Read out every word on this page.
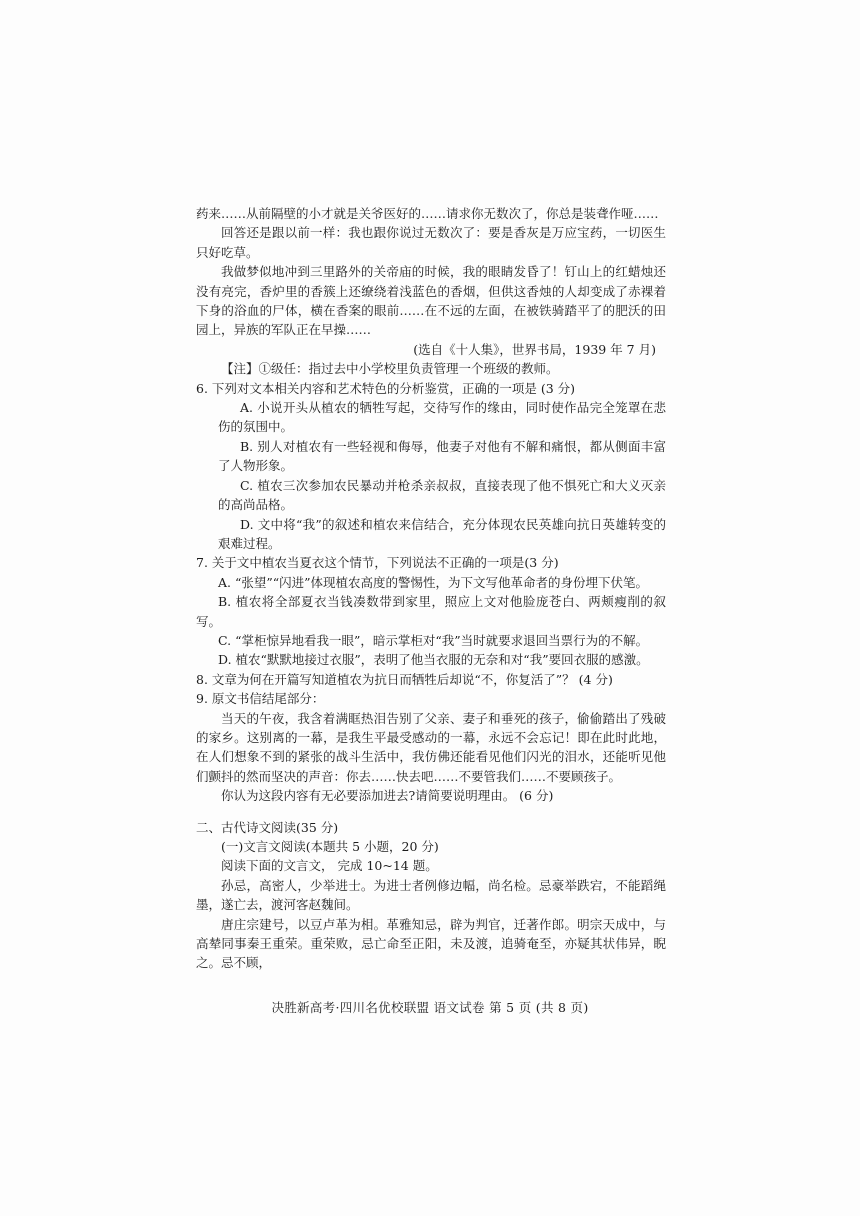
药来……从前隔壁的小才就是关爷医好的……请求你无数次了，你总是装聋作哑……

回答还是跟以前一样：我也跟你说过无数次了：要是香灰是万应宝药，一切医生只好吃草。

我做梦似地冲到三里路外的关帝庙的时候，我的眼睛发昏了！钉山上的红蜡烛还没有亮完，香炉里的香簇上还缭绕着浅蓝色的香烟，但供这香烛的人却变成了赤裸着下身的浴血的尸体，横在香案的眼前……在不远的左面，在被铁骑踏平了的肥沃的田园上，异族的军队正在早操……

(选自《十人集》，世界书局，1939 年 7 月)

【注】①级任：指过去中小学校里负责管理一个班级的教师。

6. 下列对文本相关内容和艺术特色的分析鉴赏，正确的一项是 (3 分)

A. 小说开头从植农的牺牲写起，交待写作的缘由，同时使作品完全笼罩在悲伤的氛围中。

B. 别人对植农有一些轻视和侮辱，他妻子对他有不解和痛恨，都从侧面丰富了人物形象。

C. 植农三次参加农民暴动并枪杀亲叔叔，直接表现了他不惧死亡和大义灭亲的高尚品格。

D. 文中将“我”的叙述和植农来信结合，充分体现农民英雄向抗日英雄转变的艰难过程。

7. 关于文中植农当夏衣这个情节，下列说法不正确的一项是(3 分)

A. “张望”“闪进”体现植农高度的警惕性，为下文写他革命者的身份埋下伏笔。

B. 植农将全部夏衣当钱凑数带到家里，照应上文对他脸庞苍白、两颊瘦削的叙写。

C. “掌柜惊异地看我一眼”，暗示掌柜对“我”当时就要求退回当票行为的不解。

D. 植农“默默地接过衣服”，表明了他当衣服的无奈和对“我”要回衣服的感激。

8. 文章为何在开篇写知道植农为抗日而牺牲后却说“不，你复活了”？ (4 分)

9. 原文书信结尾部分：

当天的午夜，我含着满眶热泪告别了父亲、妻子和垂死的孩子，偷偷踏出了残破的家乡。这别离的一幕，是我生平最受感动的一幕，永远不会忘记！即在此时此地，在人们想象不到的紧张的战斗生活中，我仿佛还能看见他们闪光的泪水，还能听见他们颤抖的然而坚决的声音：你去……快去吧……不要管我们……不要顾孩子。

你认为这段内容有无必要添加进去?请简要说明理由。 (6 分)

二、古代诗文阅读(35 分)

(一)文言文阅读(本题共 5 小题，20 分)

阅读下面的文言文， 完成 10~14 题。

孙忌，高密人，少举进士。为进士者例修边幅，尚名检。忌豪举跌宕，不能蹈绳墨，遂亡去，渡河客赵魏间。

唐庄宗建号，以豆卢革为相。革雅知忌，辟为判官，迁著作郎。明宗天成中，与高辇同事秦王重荣。重荣败，忌亡命至正阳，未及渡，追骑奄至，亦疑其状伟异，睨之。忌不顾，

决胜新高考·四川名优校联盟 语文试卷 第 5 页 (共 8 页)
